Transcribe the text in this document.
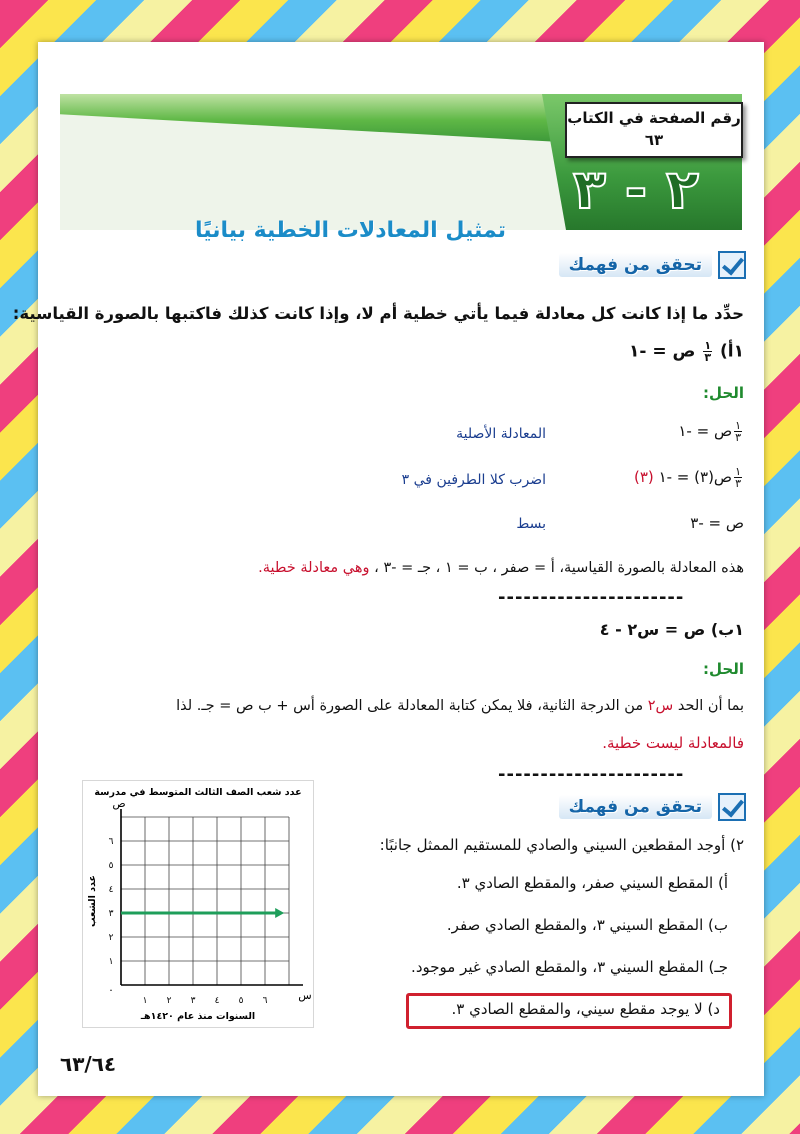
٢ - ٣
تمثيل المعادلات الخطية بيانيًا
رقم الصفحة في الكتاب
٦٣
تحقق من فهمك
حدِّد ما إذا كانت كل معادلة فيما يأتي خطية أم لا، وإذا كانت كذلك فاكتبها بالصورة القياسية:
١أ)
$\frac{١}{٣}$
ص = -١
الحل:
$\frac{١}{٣}$
ص = -١
المعادلة الأصلية
$\frac{١}{٣}$
ص(٣) = -١ (٣)
اضرب كلا الطرفين في ٣
ص = -٣
بسط
هذه المعادلة بالصورة القياسية، أ = صفر ، ب = ١ ، جـ = -٣ ، وهي معادلة خطية.
----------------------
١ب) ص = س٢ - ٤
الحل:
بما أن الحد س٢ من الدرجة الثانية، فلا يمكن كتابة المعادلة على الصورة أس + ب ص = جـ. لذا
فالمعادلة ليست خطية.
----------------------
تحقق من فهمك
٢) أوجد المقطعين السيني والصادي للمستقيم الممثل جانبًا:
أ) المقطع السيني صفر، والمقطع الصادي ٣.
ب) المقطع السيني ٣، والمقطع الصادي صفر.
جـ) المقطع السيني ٣، والمقطع الصادي غير موجود.
د) لا يوجد مقطع سيني، والمقطع الصادي ٣.
عدد شعب الصف الثالث المتوسط في مدرسة
س
ص
.
١ ٢ ٣ ٤ ٥ ٦
١
٢
٣
٤
٥
٦
السنوات منذ عام ١٤٢٠هـ
عدد الشعب
٦٣/٦٤
